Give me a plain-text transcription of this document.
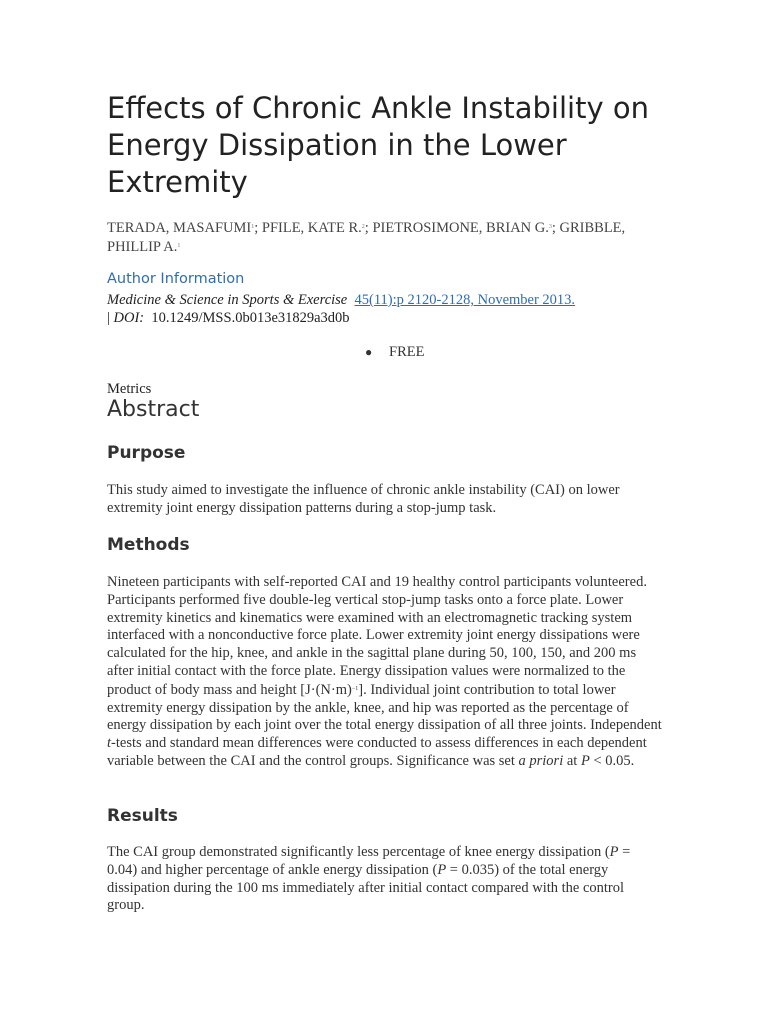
Effects of Chronic Ankle Instability on Energy Dissipation in the Lower Extremity
TERADA, MASAFUMI$^1$; PFILE, KATE R.$^2$; PIETROSIMONE, BRIAN G.$^3$; GRIBBLE, PHILLIP A.$^1$
Author Information
Medicine & Science in Sports & Exercise 45(11):p 2120-2128, November 2013. | DOI: 10.1249/MSS.0b013e31829a3d0b
● FREE
Metrics
Abstract
Purpose

This study aimed to investigate the influence of chronic ankle instability (CAI) on lower extremity joint energy dissipation patterns during a stop-jump task.

Methods

Nineteen participants with self-reported CAI and 19 healthy control participants volunteered. Participants performed five double-leg vertical stop-jump tasks onto a force plate. Lower extremity kinetics and kinematics were examined with an electromagnetic tracking system interfaced with a nonconductive force plate. Lower extremity joint energy dissipations were calculated for the hip, knee, and ankle in the sagittal plane during 50, 100, 150, and 200 ms after initial contact with the force plate. Energy dissipation values were normalized to the product of body mass and height $[J\cdot(N\cdot m)^{-1}]$. Individual joint contribution to total lower extremity energy dissipation by the ankle, knee, and hip was reported as the percentage of energy dissipation by each joint over the total energy dissipation of all three joints. Independent t-tests and standard mean differences were conducted to assess differences in each dependent variable between the CAI and the control groups. Significance was set a priori at P < 0.05.

Results

The CAI group demonstrated significantly less percentage of knee energy dissipation (P = 0.04) and higher percentage of ankle energy dissipation (P = 0.035) of the total energy dissipation during the 100 ms immediately after initial contact compared with the control group.
